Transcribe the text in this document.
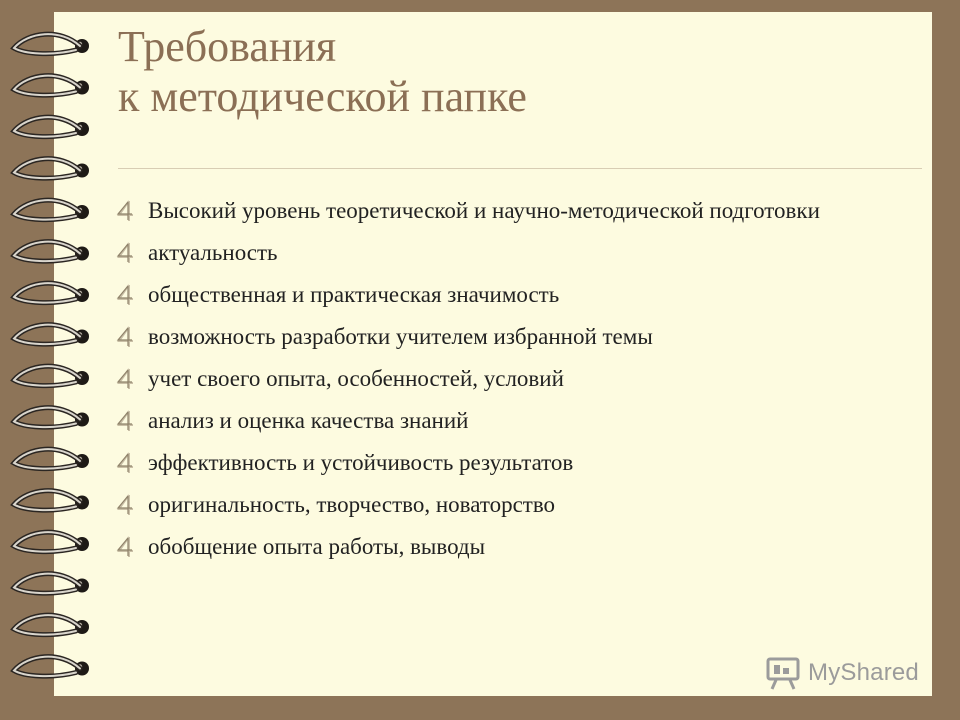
Требования
к методической папке
Высокий уровень теоретической и научно-методической подготовки
актуальность
общественная и практическая значимость
возможность разработки учителем избранной темы
учет своего опыта, особенностей, условий
анализ и оценка качества знаний
эффективность и устойчивость результатов
оригинальность, творчество, новаторство
обобщение опыта работы, выводы
MyShared
